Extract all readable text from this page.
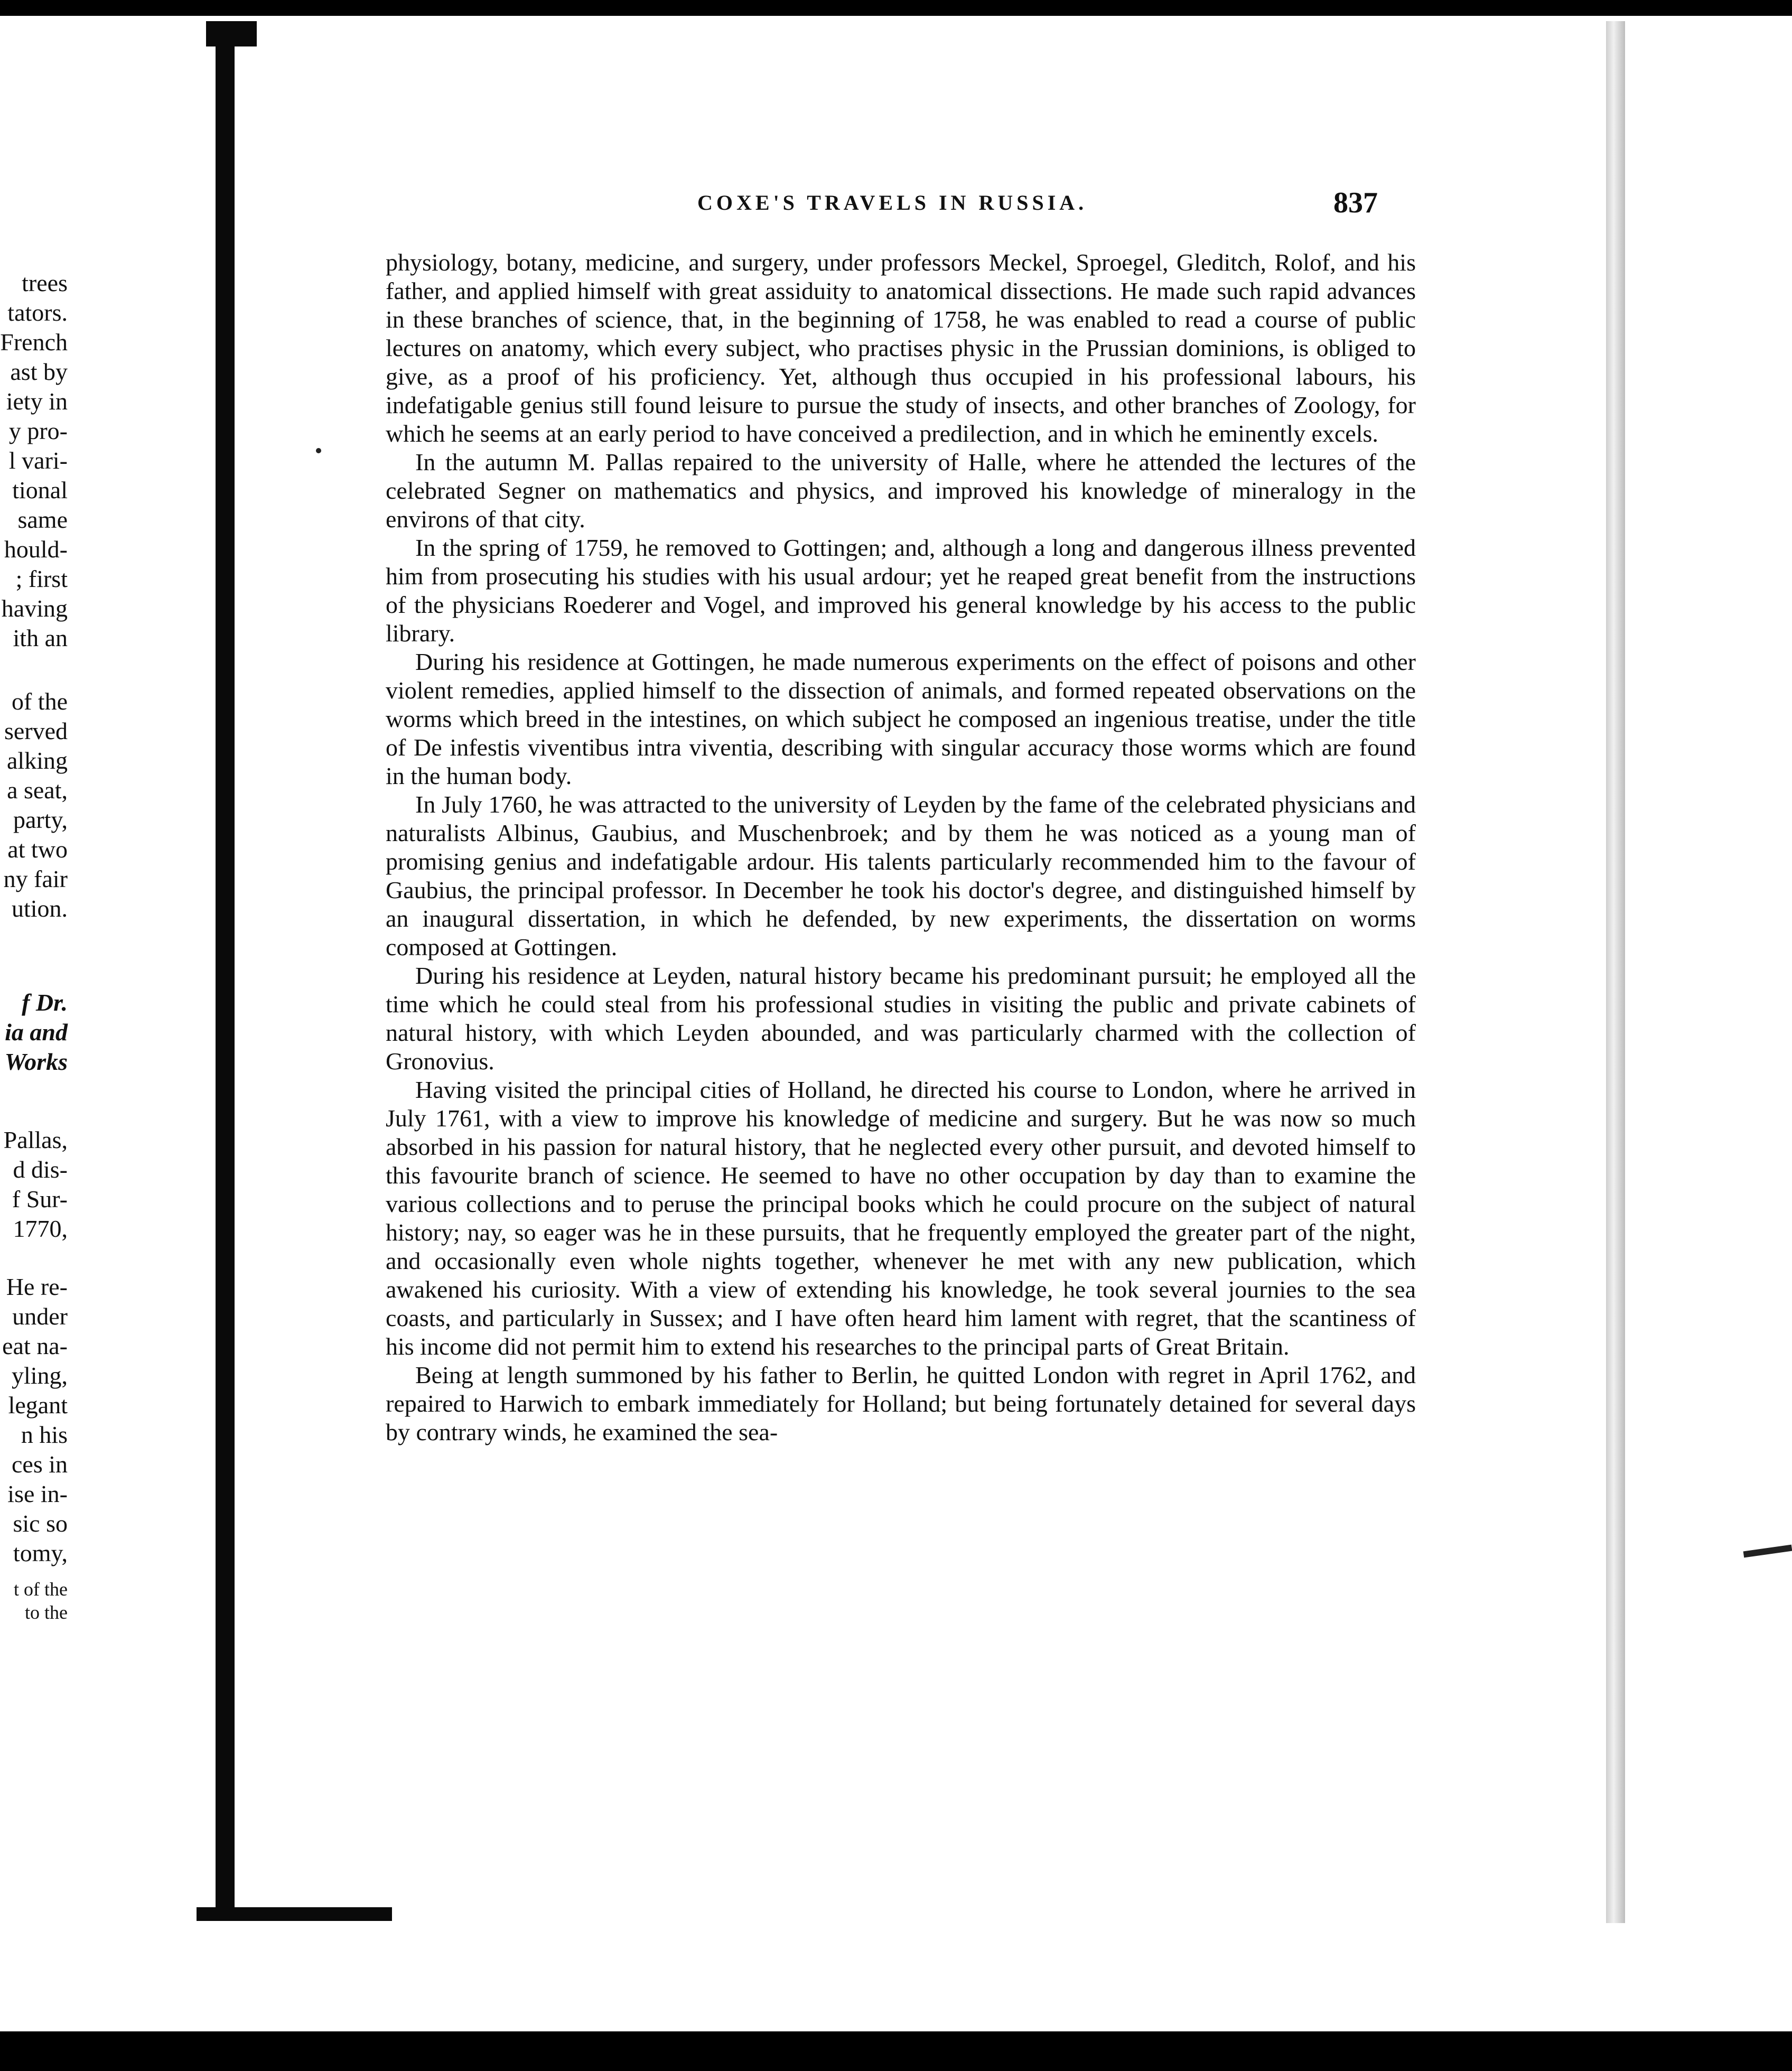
trees

tators.

French

ast by

iety in

y pro-

l vari-

tional

same

hould-

; first

having

ith an

of the

served

alking

a seat,

party,

at two

ny fair

ution.

f Dr.

ia and

Works

Pallas,

d dis-

f Sur-

1770,

He re-

under

eat na-

yling,

legant

n his

ces in

ise in-

sic so

tomy,

t of the

to the

COXE'S TRAVELS IN RUSSIA.	837

physiology, botany, medicine, and surgery, under professors Meckel, Sproegel, Gleditch, Rolof, and his father, and applied himself with great assiduity to anatomical dissections. He made such rapid advances in these branches of science, that, in the beginning of 1758, he was enabled to read a course of public lectures on anatomy, which every subject, who practises physic in the Prussian dominions, is obliged to give, as a proof of his proficiency. Yet, although thus occupied in his professional labours, his indefatigable genius still found leisure to pursue the study of insects, and other branches of Zoology, for which he seems at an early period to have conceived a predilection, and in which he eminently excels.

In the autumn M. Pallas repaired to the university of Halle, where he attended the lectures of the celebrated Segner on mathematics and physics, and improved his knowledge of mineralogy in the environs of that city.

In the spring of 1759, he removed to Gottingen; and, although a long and dangerous illness prevented him from prosecuting his studies with his usual ardour; yet he reaped great benefit from the instructions of the physicians Roederer and Vogel, and improved his general knowledge by his access to the public library.

During his residence at Gottingen, he made numerous experiments on the effect of poisons and other violent remedies, applied himself to the dissection of animals, and formed repeated observations on the worms which breed in the intestines, on which subject he composed an ingenious treatise, under the title of De infestis viventibus intra viventia, describing with singular accuracy those worms which are found in the human body.

In July 1760, he was attracted to the university of Leyden by the fame of the celebrated physicians and naturalists Albinus, Gaubius, and Muschenbroek; and by them he was noticed as a young man of promising genius and indefatigable ardour. His talents particularly recommended him to the favour of Gaubius, the principal professor. In December he took his doctor's degree, and distinguished himself by an inaugural dissertation, in which he defended, by new experiments, the dissertation on worms composed at Gottingen.

During his residence at Leyden, natural history became his predominant pursuit; he employed all the time which he could steal from his professional studies in visiting the public and private cabinets of natural history, with which Leyden abounded, and was particularly charmed with the collection of Gronovius.

Having visited the principal cities of Holland, he directed his course to London, where he arrived in July 1761, with a view to improve his knowledge of medicine and surgery. But he was now so much absorbed in his passion for natural history, that he neglected every other pursuit, and devoted himself to this favourite branch of science. He seemed to have no other occupation by day than to examine the various collections and to peruse the principal books which he could procure on the subject of natural history; nay, so eager was he in these pursuits, that he frequently employed the greater part of the night, and occasionally even whole nights together, whenever he met with any new publication, which awakened his curiosity. With a view of extending his knowledge, he took several journies to the sea coasts, and particularly in Sussex; and I have often heard him lament with regret, that the scantiness of his income did not permit him to extend his researches to the principal parts of Great Britain.

Being at length summoned by his father to Berlin, he quitted London with regret in April 1762, and repaired to Harwich to embark immediately for Holland; but being fortunately detained for several days by contrary winds, he examined the sea-
